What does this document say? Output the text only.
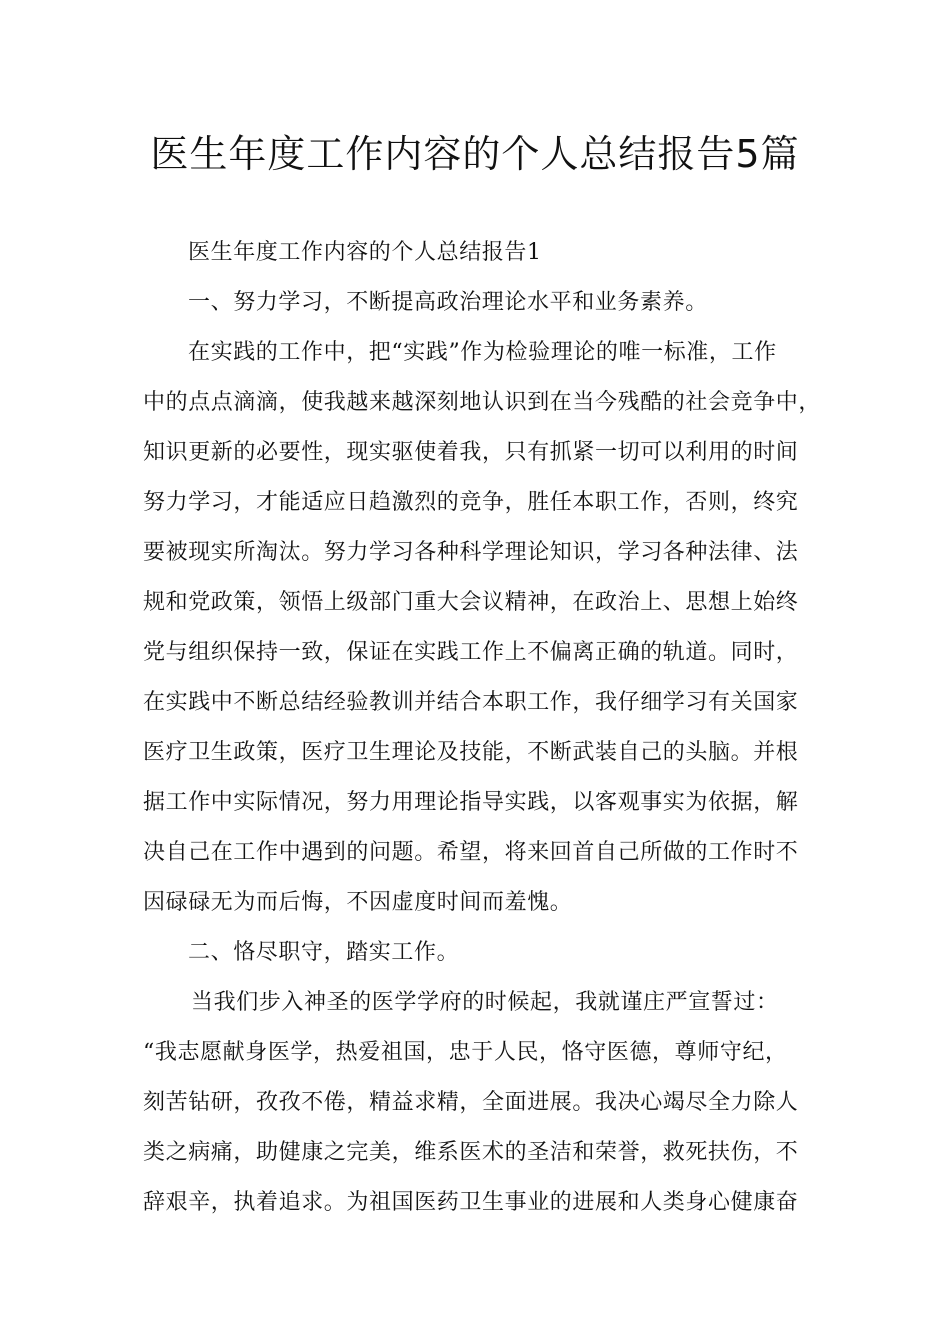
医生年度工作内容的个人总结报告5篇
医生年度工作内容的个人总结报告1
一、努力学习，不断提高政治理论水平和业务素养。
在实践的工作中，把“实践”作为检验理论的唯一标准，工作
中的点点滴滴，使我越来越深刻地认识到在当今残酷的社会竞争中，
知识更新的必要性，现实驱使着我，只有抓紧一切可以利用的时间
努力学习，才能适应日趋激烈的竞争，胜任本职工作，否则，终究
要被现实所淘汰。努力学习各种科学理论知识，学习各种法律、法
规和党政策，领悟上级部门重大会议精神，在政治上、思想上始终
党与组织保持一致，保证在实践工作上不偏离正确的轨道。同时，
在实践中不断总结经验教训并结合本职工作，我仔细学习有关国家
医疗卫生政策，医疗卫生理论及技能，不断武装自己的头脑。并根
据工作中实际情况，努力用理论指导实践，以客观事实为依据，解
决自己在工作中遇到的问题。希望，将来回首自己所做的工作时不
因碌碌无为而后悔，不因虚度时间而羞愧。
二、恪尽职守，踏实工作。
当我们步入神圣的医学学府的时候起，我就谨庄严宣誓过：
“我志愿献身医学，热爱祖国，忠于人民，恪守医德，尊师守纪，
刻苦钻研，孜孜不倦，精益求精，全面进展。我决心竭尽全力除人
类之病痛，助健康之完美，维系医术的圣洁和荣誉，救死扶伤，不
辞艰辛，执着追求。为祖国医药卫生事业的进展和人类身心健康奋
